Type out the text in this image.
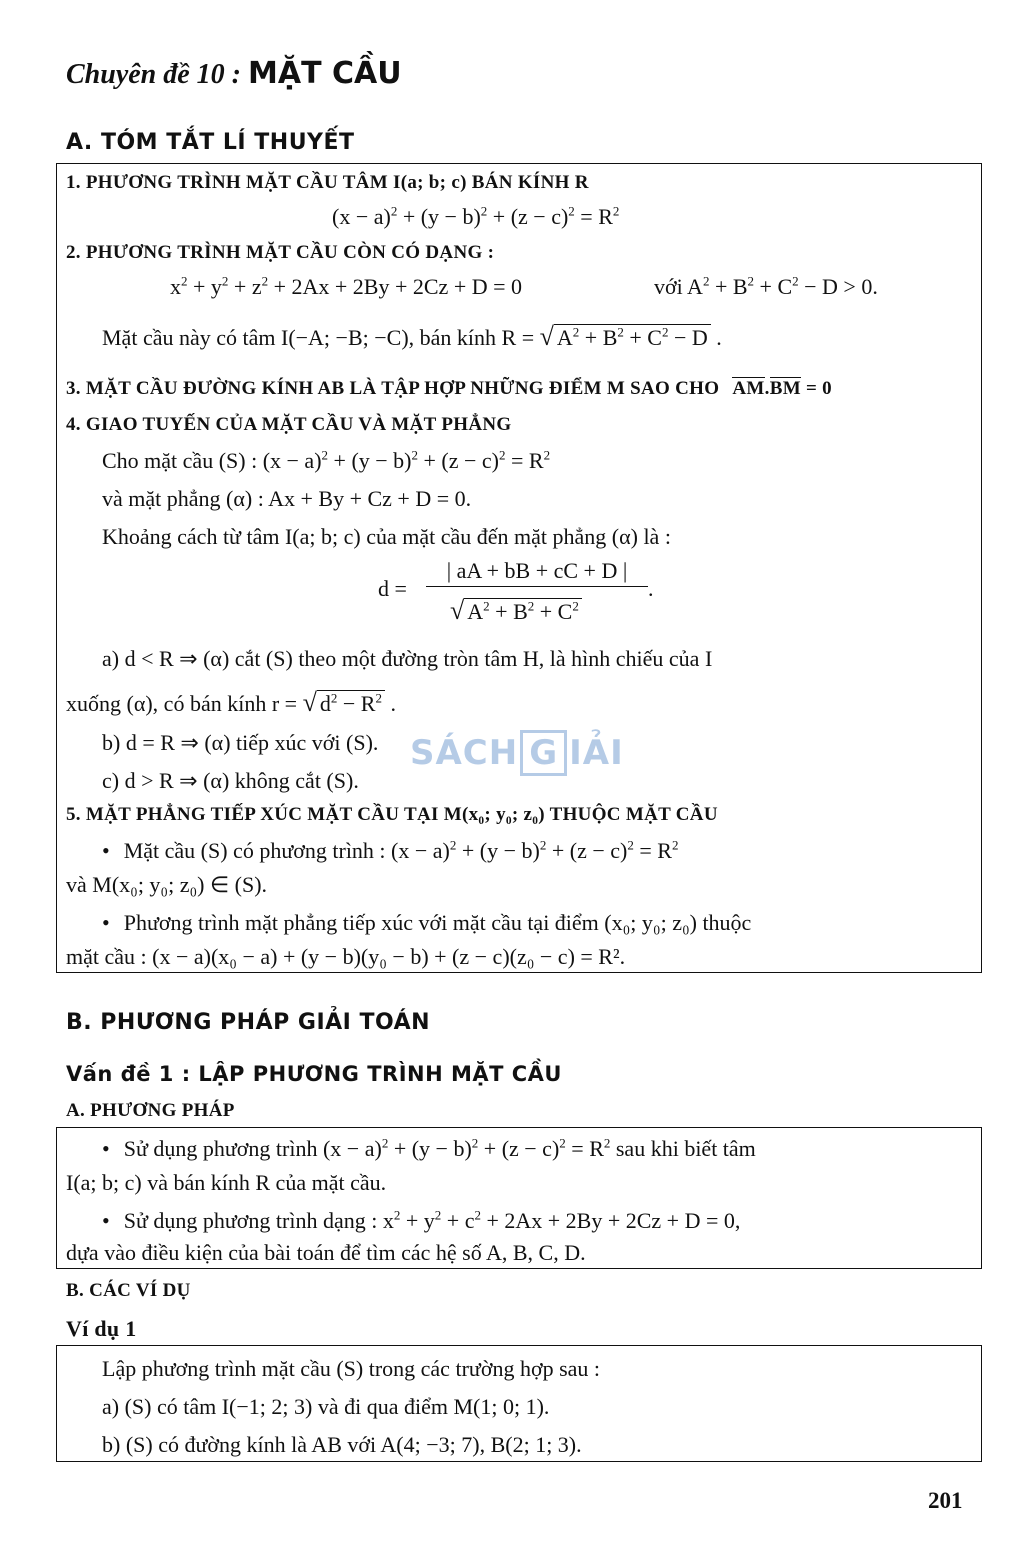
Chuyên đề 10 : MẶT CẦU
A. TÓM TẮT LÍ THUYẾT
1. PHƯƠNG TRÌNH MẶT CẦU TÂM I(a; b; c) BÁN KÍNH R
$(x - a)^2 + (y - b)^2 + (z - c)^2 = R^2$
2. PHƯƠNG TRÌNH MẶT CẦU CÒN CÓ DẠNG :
$x^2 + y^2 + z^2 + 2Ax + 2By + 2Cz + D = 0$	với $A^2 + B^2 + C^2 - D > 0$.
Mặt cầu này có tâm I(−A; −B; −C), bán kính R = √ $A^2 + B^2 + C^2 - D$ .
3. MẶT CẦU ĐƯỜNG KÍNH AB LÀ TẬP HỢP NHỮNG ĐIỂM M SAO CHO AM.BM = 0
4. GIAO TUYẾN CỦA MẶT CẦU VÀ MẶT PHẲNG
Cho mặt cầu (S) : $(x - a)^2 + (y - b)^2 + (z - c)^2 = R^2$
và mặt phẳng (α) : Ax + By + Cz + D = 0.
Khoảng cách từ tâm I(a; b; c) của mặt cầu đến mặt phẳng (α) là :
d =
| aA + bB + cC + D |
√ $A^2 + B^2 + C^2$
.
a) d < R ⇒ (α) cắt (S) theo một đường tròn tâm H, là hình chiếu của I
xuống (α), có bán kính r = √ $d^2 - R^2$ .
b) d = R ⇒ (α) tiếp xúc với (S).
c) d > R ⇒ (α) không cắt (S).
SÁCH G IẢI
5. MẶT PHẲNG TIẾP XÚC MẶT CẦU TẠI M(x₀; y₀; z₀) THUỘC MẶT CẦU
• Mặt cầu (S) có phương trình : $(x - a)^2 + (y - b)^2 + (z - c)^2 = R^2$
và M(x₀; y₀; z₀) ∈ (S).
• Phương trình mặt phẳng tiếp xúc với mặt cầu tại điểm (x₀; y₀; z₀) thuộc
mặt cầu : (x − a)(x₀ − a) + (y − b)(y₀ − b) + (z − c)(z₀ − c) = R².
B. PHƯƠNG PHÁP GIẢI TOÁN
Vấn đề 1 : LẬP PHƯƠNG TRÌNH MẶT CẦU
A. PHƯƠNG PHÁP
• Sử dụng phương trình $(x - a)^2 + (y - b)^2 + (z - c)^2 = R^2$ sau khi biết tâm
I(a; b; c) và bán kính R của mặt cầu.
• Sử dụng phương trình dạng : $x^2 + y^2 + c^2 + 2Ax + 2By + 2Cz + D = 0$,
dựa vào điều kiện của bài toán để tìm các hệ số A, B, C, D.
B. CÁC VÍ DỤ
Ví dụ 1
Lập phương trình mặt cầu (S) trong các trường hợp sau :
a) (S) có tâm I(−1; 2; 3) và đi qua điểm M(1; 0; 1).
b) (S) có đường kính là AB với A(4; −3; 7), B(2; 1; 3).
201
